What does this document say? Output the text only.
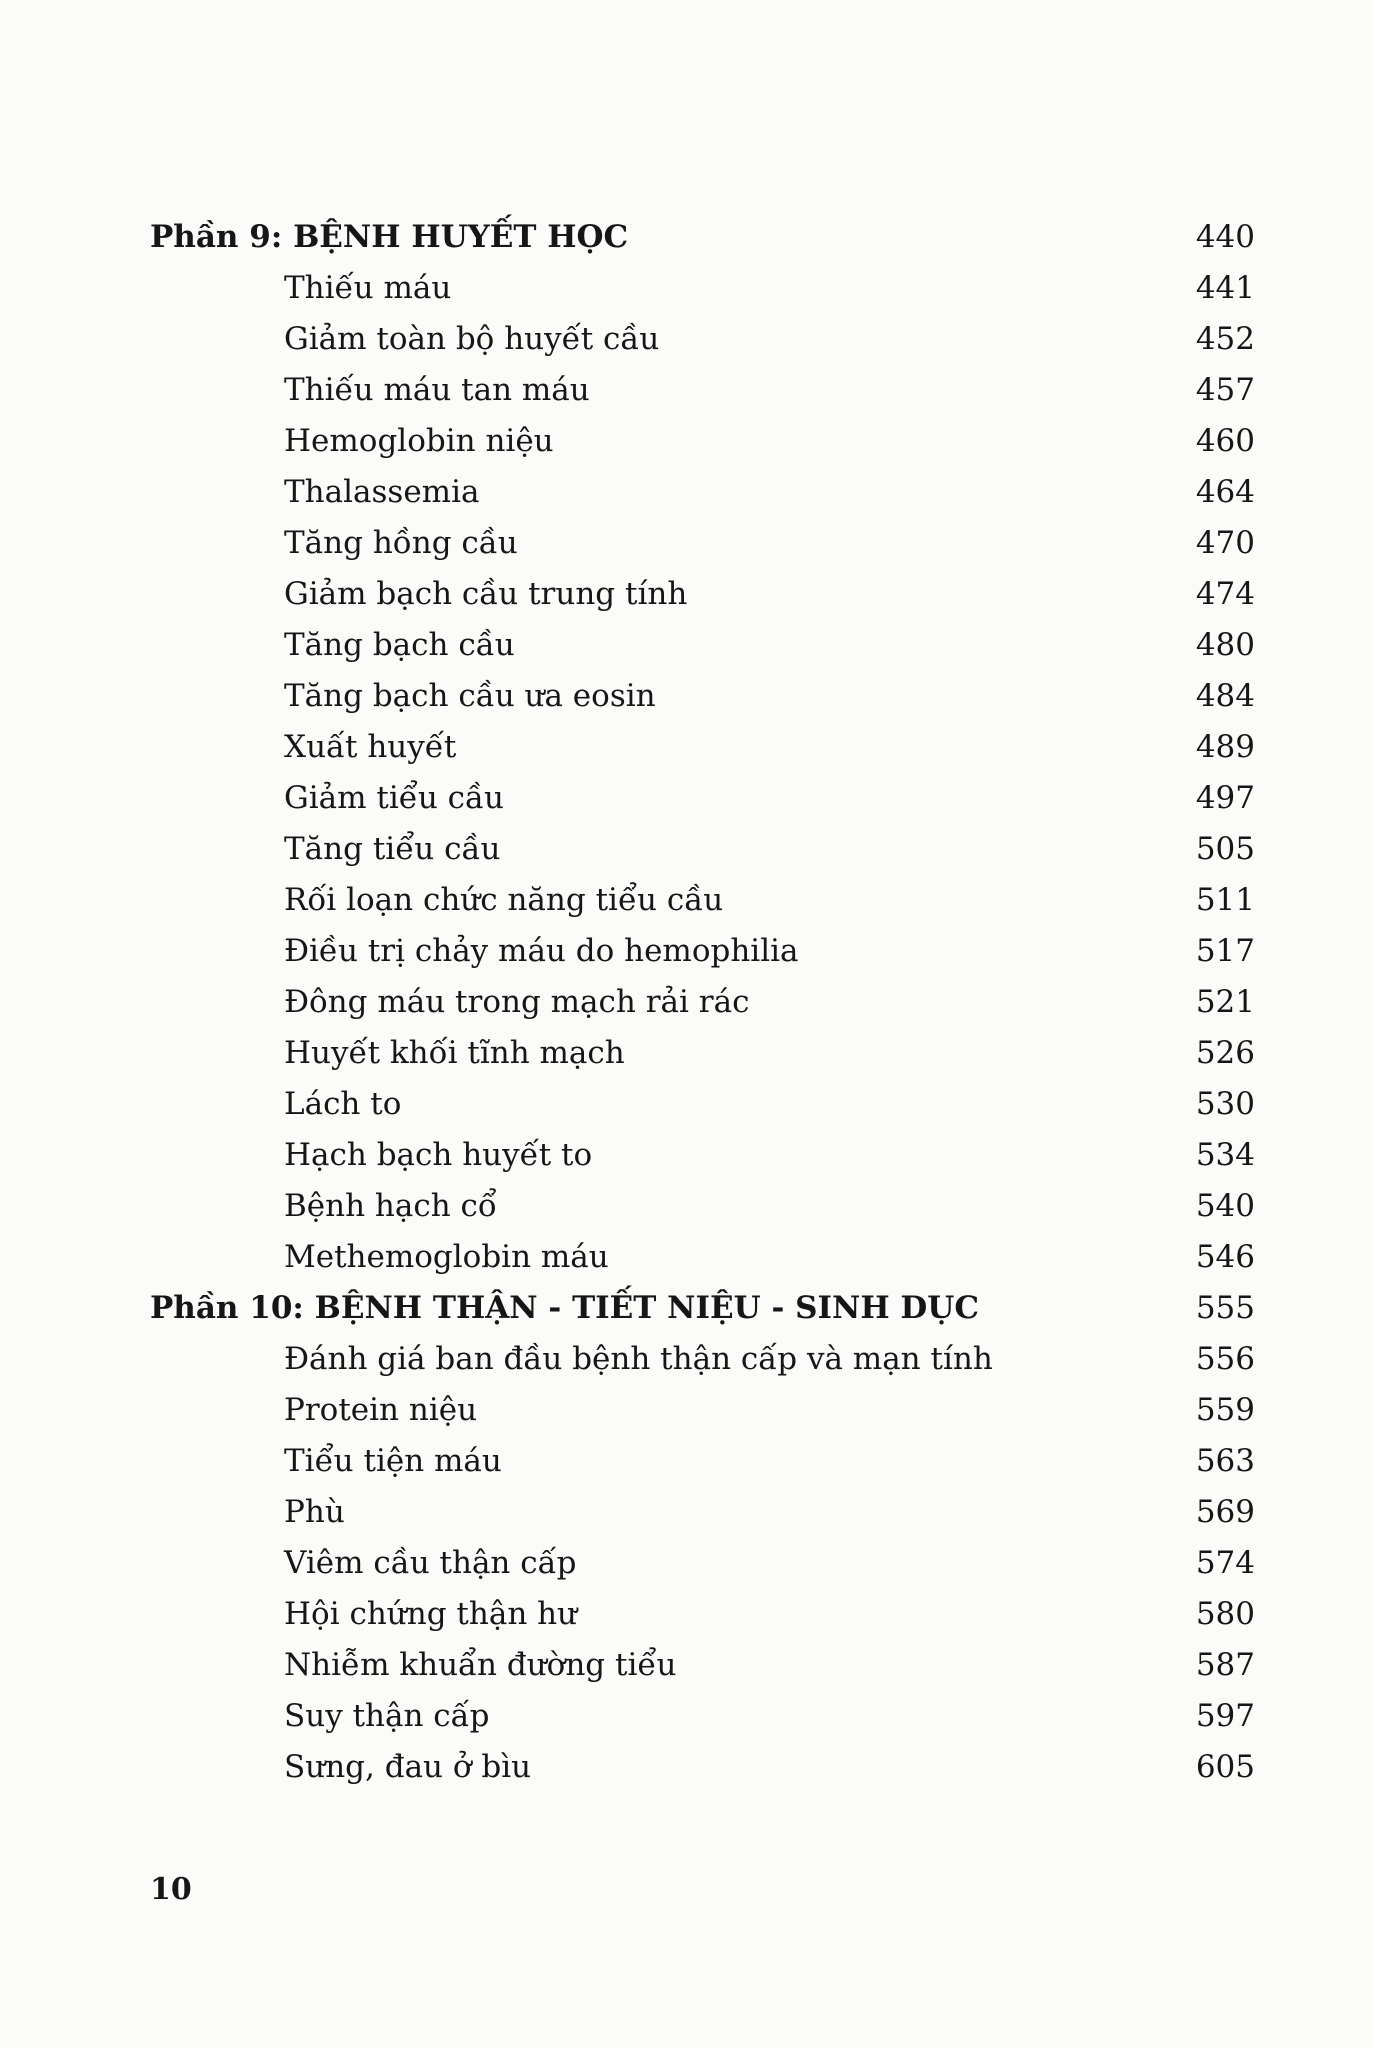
Phần 9: BỆNH HUYẾT HỌC	440
Thiếu máu	441
Giảm toàn bộ huyết cầu	452
Thiếu máu tan máu	457
Hemoglobin niệu	460
Thalassemia	464
Tăng hồng cầu	470
Giảm bạch cầu trung tính	474
Tăng bạch cầu	480
Tăng bạch cầu ưa eosin	484
Xuất huyết	489
Giảm tiểu cầu	497
Tăng tiểu cầu	505
Rối loạn chức năng tiểu cầu	511
Điều trị chảy máu do hemophilia	517
Đông máu trong mạch rải rác	521
Huyết khối tĩnh mạch	526
Lách to	530
Hạch bạch huyết to	534
Bệnh hạch cổ	540
Methemoglobin máu	546
Phần 10: BỆNH THẬN - TIẾT NIỆU - SINH DỤC	555
Đánh giá ban đầu bệnh thận cấp và mạn tính	556
Protein niệu	559
Tiểu tiện máu	563
Phù	569
Viêm cầu thận cấp	574
Hội chứng thận hư	580
Nhiễm khuẩn đường tiểu	587
Suy thận cấp	597
Sưng, đau ở bìu	605
10
